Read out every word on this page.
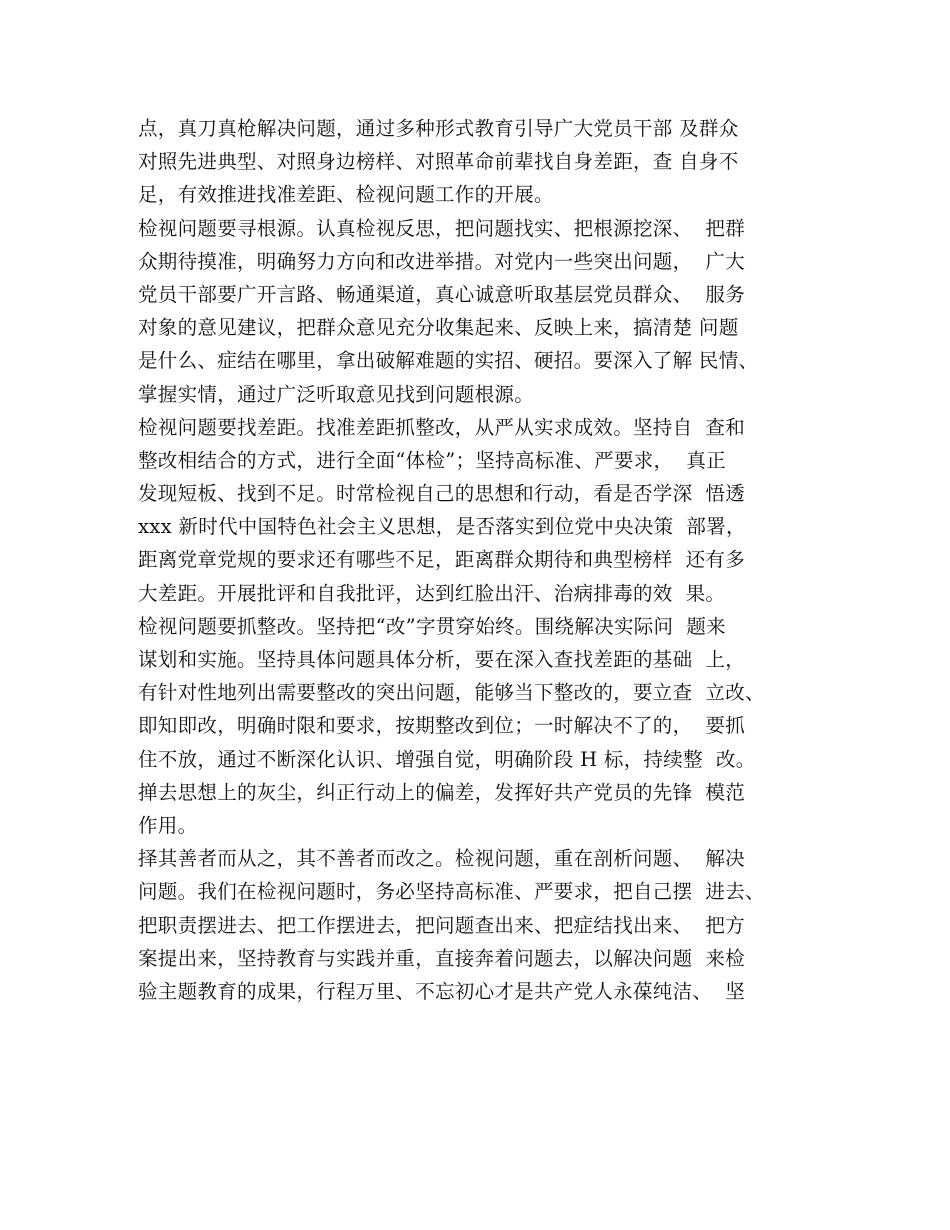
点，真刀真枪解决问题，通过多种形式教育引导广大党员干部 及群众
对照先进典型、对照身边榜样、对照革命前辈找自身差距，查 自身不
足，有效推进找准差距、检视问题工作的开展。
检视问题要寻根源。认真检视反思，把问题找实、把根源挖深、  把群
众期待摸准，明确努力方向和改进举措。对党内一些突出问题，  广大
党员干部要广开言路、畅通渠道，真心诚意听取基层党员群众、  服务
对象的意见建议，把群众意见充分收集起来、反映上来，搞清楚 问题
是什么、症结在哪里，拿出破解难题的实招、硬招。要深入了解 民情、
掌握实情，通过广泛听取意见找到问题根源。
检视问题要找差距。找准差距抓整改，从严从实求成效。坚持自  查和
整改相结合的方式，进行全面“体检”；坚持高标准、严要求，  真正
发现短板、找到不足。时常检视自己的思想和行动，看是否学深  悟透
xxx 新时代中国特色社会主义思想，是否落实到位党中央决策  部署，
距离党章党规的要求还有哪些不足，距离群众期待和典型榜样  还有多
大差距。开展批评和自我批评，达到红脸出汗、治病排毒的效  果。
检视问题要抓整改。坚持把“改”字贯穿始终。围绕解决实际问  题来
谋划和实施。坚持具体问题具体分析，要在深入查找差距的基础  上，
有针对性地列出需要整改的突出问题，能够当下整改的，要立查  立改、
即知即改，明确时限和要求，按期整改到位；一时解决不了的，  要抓
住不放，通过不断深化认识、增强自觉，明确阶段 H 标，持续整  改。
掸去思想上的灰尘，纠正行动上的偏差，发挥好共产党员的先锋  模范
作用。
择其善者而从之，其不善者而改之。检视问题，重在剖析问题、  解决
问题。我们在检视问题时，务必坚持高标准、严要求，把自己摆  进去、
把职责摆进去、把工作摆进去，把问题查出来、把症结找出来、  把方
案提出来，坚持教育与实践并重，直接奔着问题去，以解决问题  来检
验主题教育的成果，行程万里、不忘初心才是共产党人永葆纯洁、  坚
